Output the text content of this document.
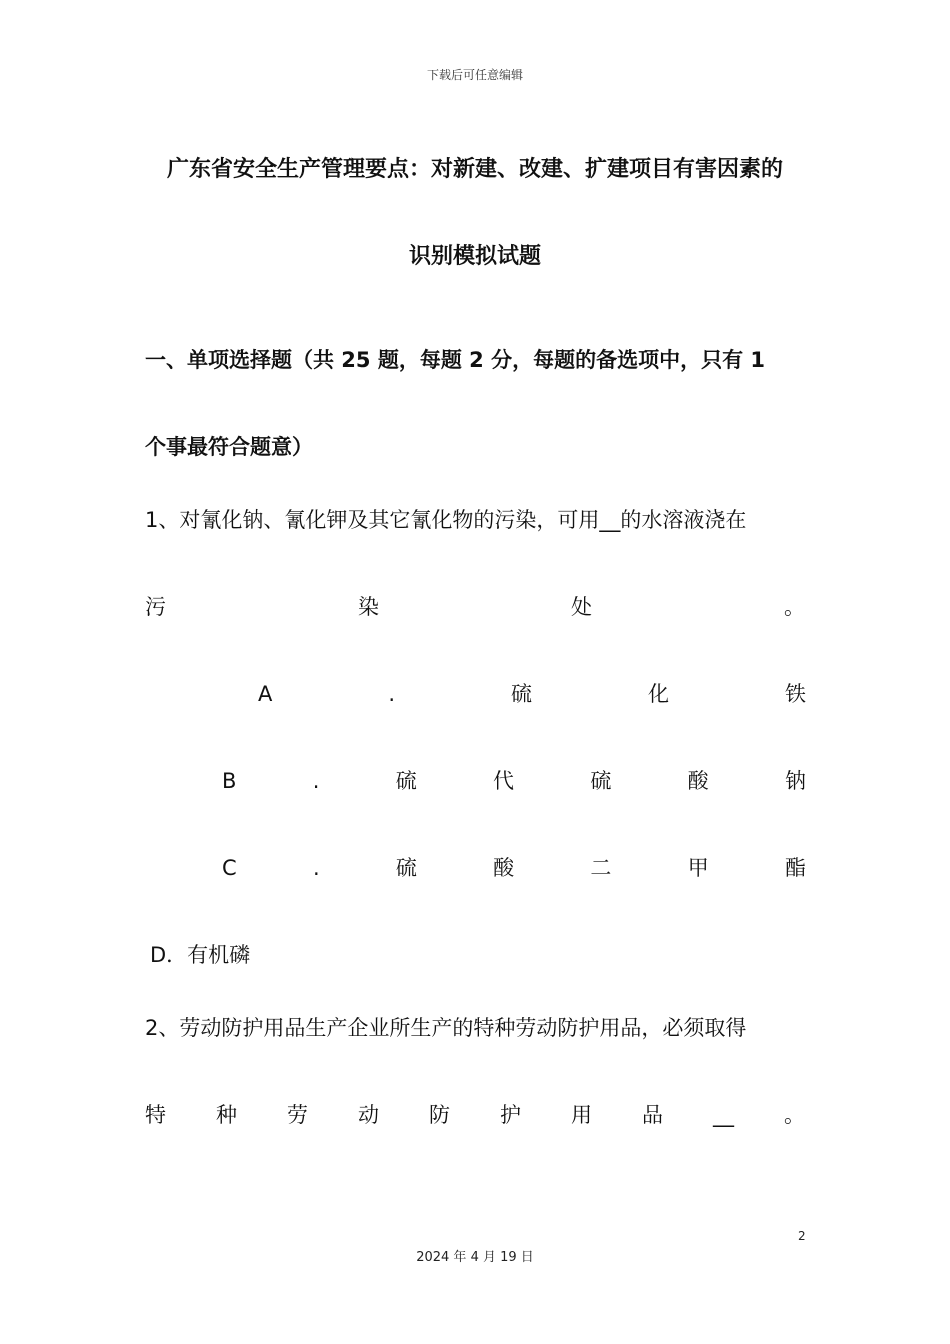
下载后可任意编辑
广东省安全生产管理要点：对新建、改建、扩建项目有害因素的
识别模拟试题
一、单项选择题（共 25 题，每题 2 分，每题的备选项中，只有 1
个事最符合题意）
1、对氰化钠、氰化钾及其它氰化物的污染，可用__的水溶液浇在
污	染	处	。
A	.	硫	化	铁
B	.	硫	代	硫	酸	钠
C	.	硫	酸	二	甲	酯
D．有机磷
2、劳动防护用品生产企业所生产的特种劳动防护用品，必须取得
特 种 劳 动 防 护 用 品 __ 。
2
2024 年 4 月 19 日
